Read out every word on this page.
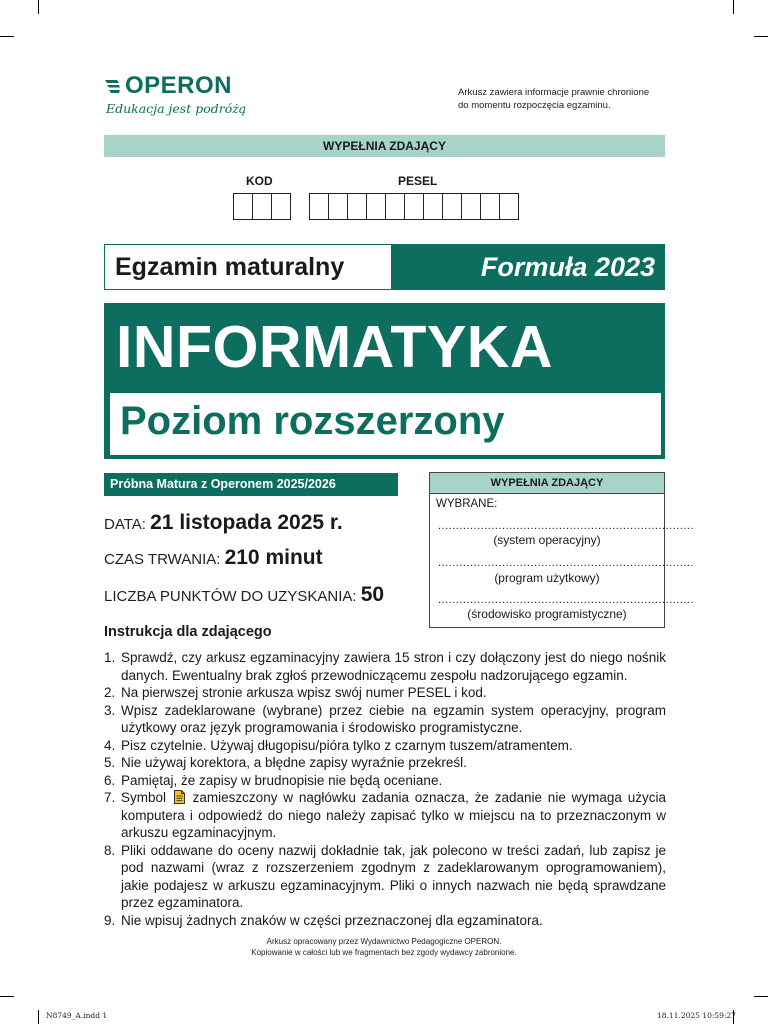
OPERON
Edukacja jest podróżą
Arkusz zawiera informacje prawnie chronione
do momentu rozpoczęcia egzaminu.
WYPEŁNIA ZDAJĄCY
KOD	PESEL
Egzamin maturalny	Formuła 2023
INFORMATYKA
Poziom rozszerzony
Próbna Matura z Operonem 2025/2026
DATA: 21 listopada 2025 r.
CZAS TRWANIA: 210 minut
LICZBA PUNKTÓW DO UZYSKANIA: 50
WYPEŁNIA ZDAJĄCY
WYBRANE:
........................................................................
(system operacyjny)
........................................................................
(program użytkowy)
........................................................................
(środowisko programistyczne)
Instrukcja dla zdającego
1. Sprawdź, czy arkusz egzaminacyjny zawiera 15 stron i czy dołączony jest do niego nośnik danych. Ewentualny brak zgłoś przewodniczącemu zespołu nadzorującego egzamin.
2. Na pierwszej stronie arkusza wpisz swój numer PESEL i kod.
3. Wpisz zadeklarowane (wybrane) przez ciebie na egzamin system operacyjny, program użytkowy oraz język programowania i środowisko programistyczne.
4. Pisz czytelnie. Używaj długopisu/pióra tylko z czarnym tuszem/atramentem.
5. Nie używaj korektora, a błędne zapisy wyraźnie przekreśl.
6. Pamiętaj, że zapisy w brudnopisie nie będą oceniane.
7. Symbol zamieszczony w nagłówku zadania oznacza, że zadanie nie wymaga użycia komputera i odpowiedź do niego należy zapisać tylko w miejscu na to przeznaczonym w arkuszu egzaminacyjnym.
8. Pliki oddawane do oceny nazwij dokładnie tak, jak polecono w treści zadań, lub zapisz je pod nazwami (wraz z rozszerzeniem zgodnym z zadeklarowanym oprogramowaniem), jakie podajesz w arkuszu egzaminacyjnym. Pliki o innych nazwach nie będą sprawdzane przez egzaminatora.
9. Nie wpisuj żadnych znaków w części przeznaczonej dla egzaminatora.
Arkusz opracowany przez Wydawnictwo Pedagogiczne OPERON.
Kopiowanie w całości lub we fragmentach bez zgody wydawcy zabronione.
N8749_A.indd 1	18.11.2025 10:59:27
